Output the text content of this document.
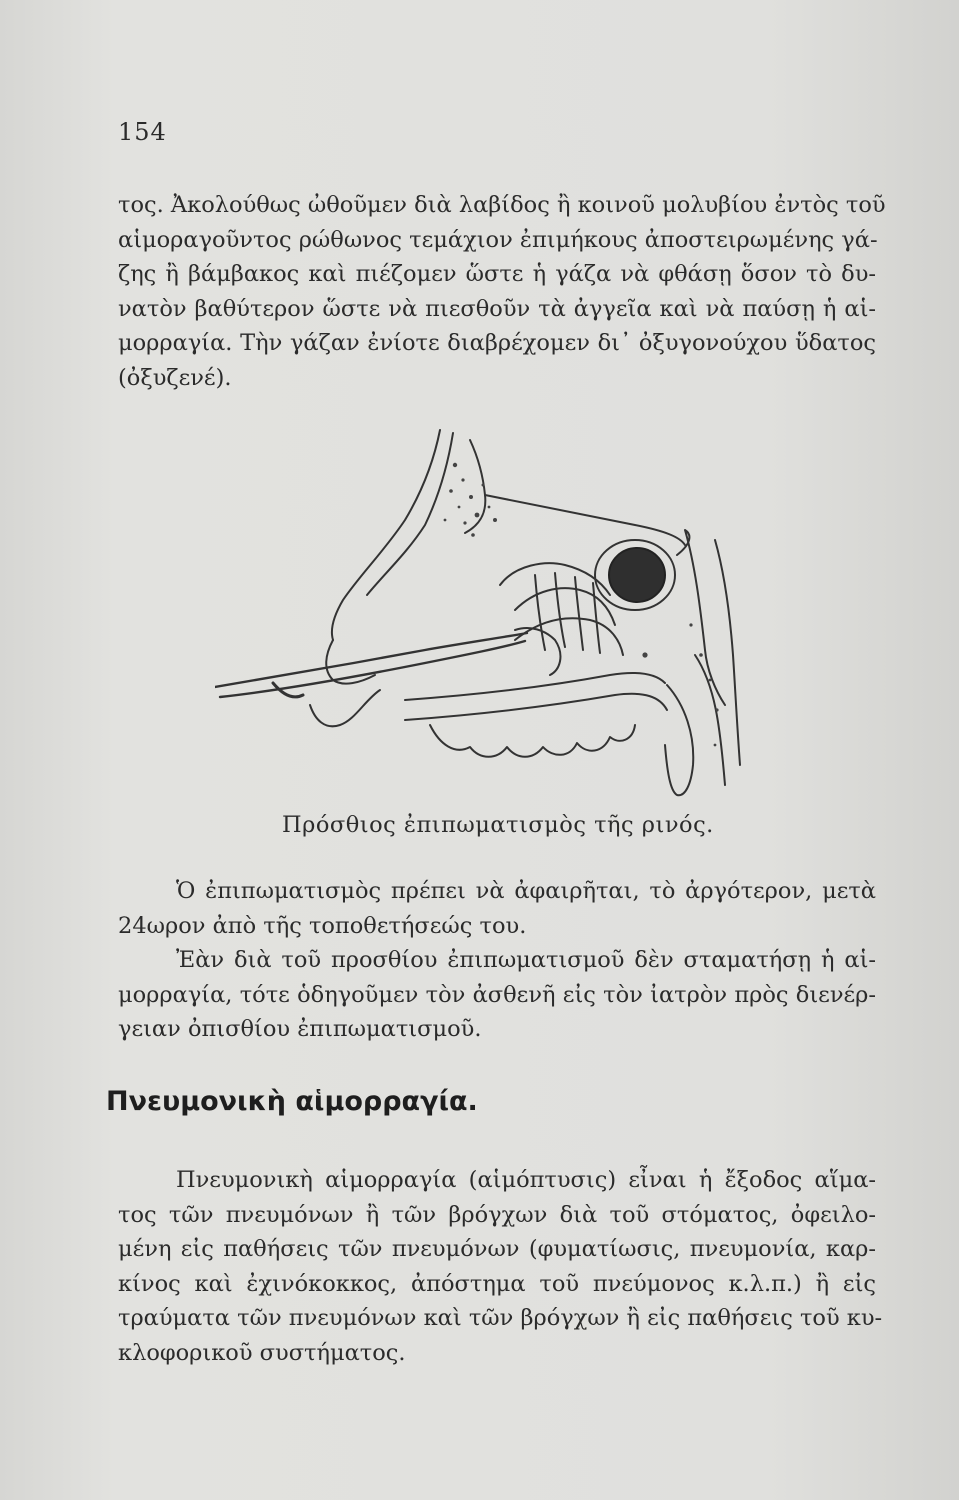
154
τος. Ἀκολούθως ὠθοῦμεν διὰ λαβίδος ἢ κοινοῦ μολυβίου ἐντὸς τοῦ
αἱμοραγοῦντος ρώθωνος τεμάχιον ἐπιμήκους ἀποστειρωμένης γά-
ζης ἢ βάμβακος καὶ πιέζομεν ὥστε ἡ γάζα νὰ φθάσῃ ὅσον τὸ δυ-
νατὸν βαθύτερον ὥστε νὰ πιεσθοῦν τὰ ἀγγεῖα καὶ νὰ παύσῃ ἡ αἱ-
μορραγία. Τὴν γάζαν ἐνίοτε διαβρέχομεν δι᾽ ὀξυγονούχου ὕδατος
(ὀξυζενέ).
Πρόσθιος ἐπιπωματισμὸς τῆς ρινός.
Ὁ ἐπιπωματισμὸς πρέπει νὰ ἀφαιρῆται, τὸ ἀργότερον, μετὰ
24ωρον ἀπὸ τῆς τοποθετήσεώς του.
Ἐὰν διὰ τοῦ προσθίου ἐπιπωματισμοῦ δὲν σταματήσῃ ἡ αἱ-
μορραγία, τότε ὁδηγοῦμεν τὸν ἀσθενῆ εἰς τὸν ἰατρὸν πρὸς διενέρ-
γειαν ὀπισθίου ἐπιπωματισμοῦ.
Πνευμονικὴ αἱμορραγία.
Πνευμονικὴ αἱμορραγία (αἱμόπτυσις) εἶναι ἡ ἔξοδος αἵμα-
τος τῶν πνευμόνων ἢ τῶν βρόγχων διὰ τοῦ στόματος, ὀφειλο-
μένη εἰς παθήσεις τῶν πνευμόνων (φυματίωσις, πνευμονία, καρ-
κίνος καὶ ἐχινόκοκκος, ἀπόστημα τοῦ πνεύμονος κ.λ.π.) ἢ εἰς
τραύματα τῶν πνευμόνων καὶ τῶν βρόγχων ἢ εἰς παθήσεις τοῦ κυ-
κλοφορικοῦ συστήματος.
